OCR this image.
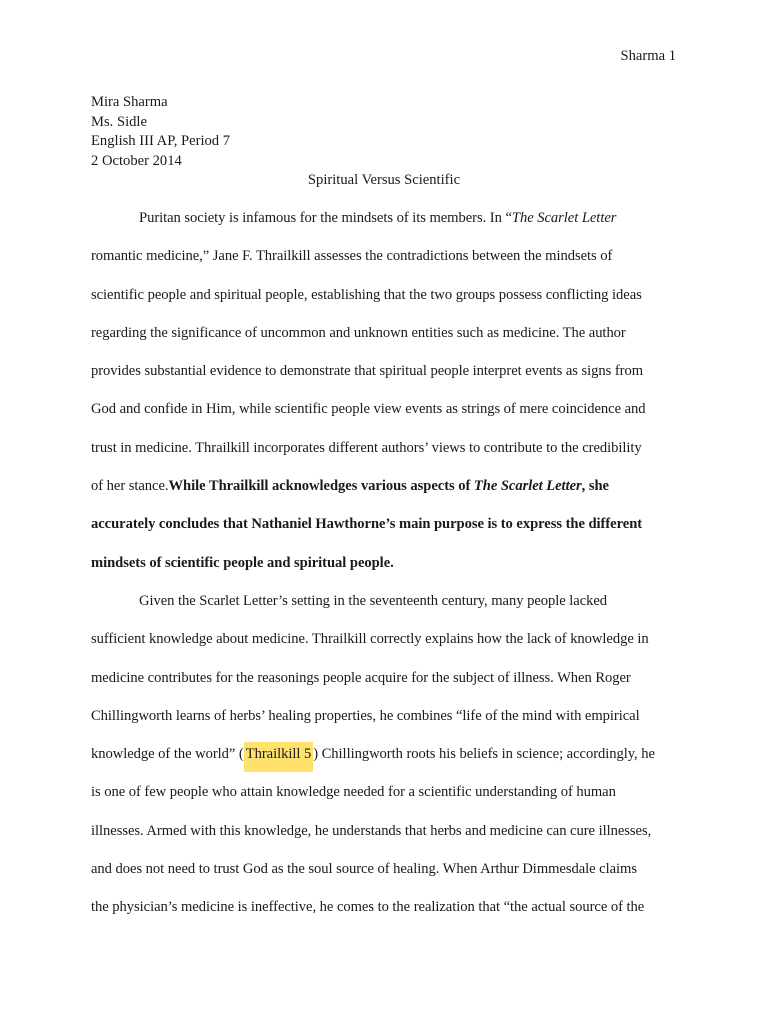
Sharma 1
Mira Sharma
Ms. Sidle
English III AP, Period 7
2 October 2014
Spiritual Versus Scientific
Puritan society is infamous for the mindsets of its members. In “The Scarlet Letter
romantic medicine,” Jane F. Thrailkill assesses the contradictions between the mindsets of
scientific people and spiritual people, establishing that the two groups possess conflicting ideas
regarding the significance of uncommon and unknown entities such as medicine. The author
provides substantial evidence to demonstrate that spiritual people interpret events as signs from
God and confide in Him, while scientific people view events as strings of mere coincidence and
trust in medicine. Thrailkill incorporates different authors’ views to contribute to the credibility
of her stance.While Thrailkill acknowledges various aspects of The Scarlet Letter, she
accurately concludes that Nathaniel Hawthorne’s main purpose is to express the different
mindsets of scientific people and spiritual people.
Given the Scarlet Letter’s setting in the seventeenth century, many people lacked
sufficient knowledge about medicine. Thrailkill correctly explains how the lack of knowledge in
medicine contributes for the reasonings people acquire for the subject of illness. When Roger
Chillingworth learns of herbs’ healing properties, he combines “life of the mind with empirical
knowledge of the world” ( Thrailkill 5 ) Chillingworth roots his beliefs in science; accordingly, he
is one of few people who attain knowledge needed for a scientific understanding of human
illnesses. Armed with this knowledge, he understands that herbs and medicine can cure illnesses,
and does not need to trust God as the soul source of healing. When Arthur Dimmesdale claims
the physician’s medicine is ineffective, he comes to the realization that “the actual source of the
